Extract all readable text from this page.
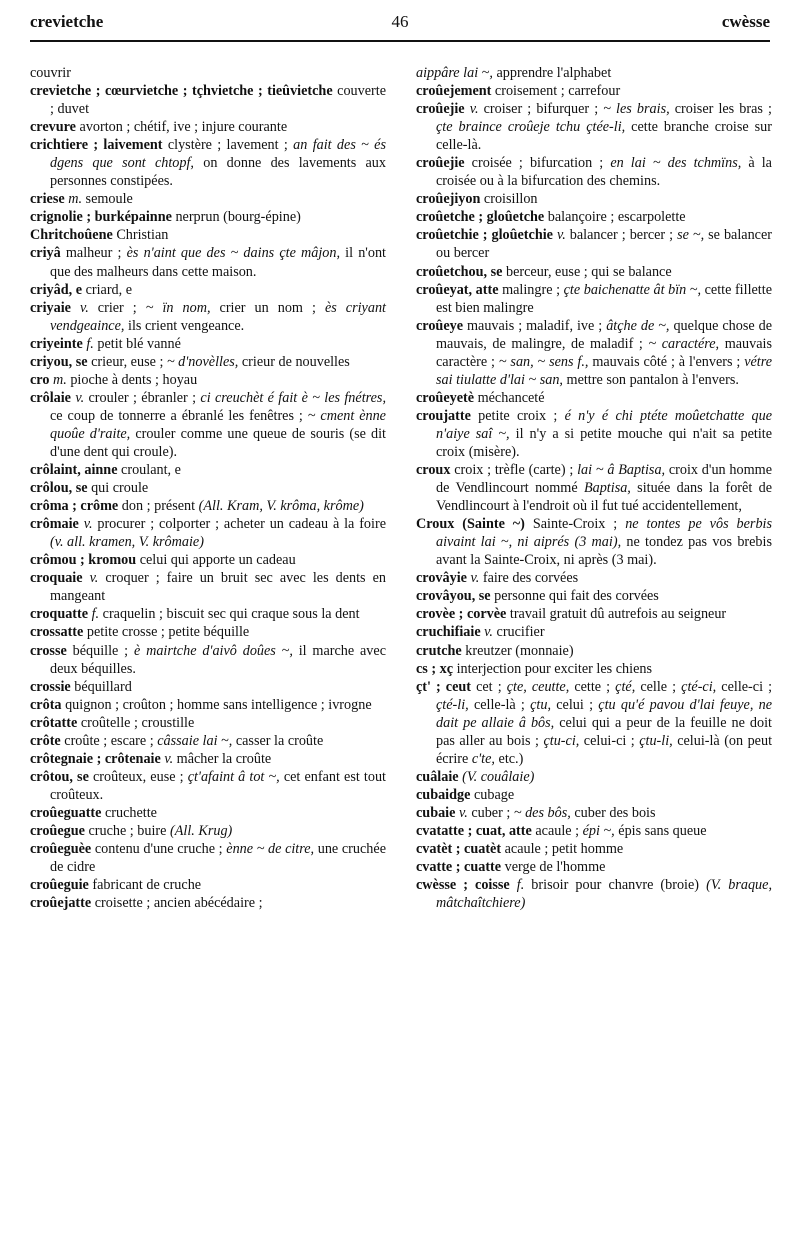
crevietche	46	cwèsse

couvrir

crevietche ; cœurvietche ; tçhvietche ; tieûvietche couverte ; duvet

crevure avorton ; chétif, ive ; injure courante

crichtiere ; laivement clystère ; lavement ; an fait des ~ és dgens que sont chtopf, on donne des lavements aux personnes constipées.

criese m. semoule

crignolie ; burképainne nerprun (bourg-épine)

Chritchoûene Christian

criyâ malheur ; ès n'aint que des ~ dains çte mâjon, il n'ont que des malheurs dans cette maison.

criyâd, e criard, e

criyaie v. crier ; ~ ïn nom, crier un nom ; ès criyant vendgeaince, ils crient vengeance.

criyeinte f. petit blé vanné

criyou, se crieur, euse ; ~ d'novèlles, crieur de nouvelles

cro m. pioche à dents ; hoyau

crôlaie v. crouler ; ébranler ; ci creuchèt é fait è ~ les fnétres, ce coup de tonnerre a ébranlé les fenêtres ; ~ cment ènne quoûe d'raite, crouler comme une queue de souris (se dit d'une dent qui croule).

crôlaint, ainne croulant, e

crôlou, se qui croule

crôma ; crôme don ; présent (All. Kram, V. krôma, krôme)

crômaie v. procurer ; colporter ; acheter un cadeau à la foire (v. all. kramen, V. krômaie)

crômou ; kromou celui qui apporte un cadeau

croquaie v. croquer ; faire un bruit sec avec les dents en mangeant

croquatte f. craquelin ; biscuit sec qui craque sous la dent

crossatte petite crosse ; petite béquille

crosse béquille ; è mairtche d'aivô doûes ~, il marche avec deux béquilles.

crossie béquillard

crôta quignon ; croûton ; homme sans intelligence ; ivrogne

crôtatte croûtelle ; croustille

crôte croûte ; escare ; câssaie lai ~, casser la croûte

crôtegnaie ; crôtenaie v. mâcher la croûte

crôtou, se croûteux, euse ; çt'afaint â tot ~, cet enfant est tout croûteux.

croûeguatte cruchette

croûegue cruche ; buire (All. Krug)

croûeguèe contenu d'une cruche ; ènne ~ de citre, une cruchée de cidre

croûeguie fabricant de cruche

croûejatte croisette ; ancien abécédaire ;

aippâre lai ~, apprendre l'alphabet

croûejement croisement ; carrefour

croûejie v. croiser ; bifurquer ; ~ les brais, croiser les bras ; çte braince croûeje tchu çtée-li, cette branche croise sur celle-là.

croûejie croisée ; bifurcation ; en lai ~ des tchmïns, à la croisée ou à la bifurcation des chemins.

croûejiyon croisillon

croûetche ; gloûetche balançoire ; escarpolette

croûetchie ; gloûetchie v. balancer ; bercer ; se ~, se balancer ou bercer

croûetchou, se berceur, euse ; qui se balance

croûeyat, atte malingre ; çte baichenatte ât bïn ~, cette fillette est bien malingre

croûeye mauvais ; maladif, ive ; âtçhe de ~, quelque chose de mauvais, de malingre, de maladif ; ~ caractére, mauvais caractère ; ~ san, ~ sens f., mauvais côté ; à l'envers ; vétre sai tiulatte d'lai ~ san, mettre son pantalon à l'envers.

croûeyetè méchanceté

croujatte petite croix ; é n'y é chi ptéte moûetchatte que n'aiye saî ~, il n'y a si petite mouche qui n'ait sa petite croix (misère).

croux croix ; trèfle (carte) ; lai ~ â Baptisa, croix d'un homme de Vendlincourt nommé Baptisa, située dans la forêt de Vendlincourt à l'endroit où il fut tué accidentellement,

Croux (Sainte ~) Sainte-Croix ; ne tontes pe vôs berbis aivaint lai ~, ni aiprés (3 mai), ne tondez pas vos brebis avant la Sainte-Croix, ni après (3 mai).

crovâyie v. faire des corvées

crovâyou, se personne qui fait des corvées

crovèe ; corvèe travail gratuit dû autrefois au seigneur

cruchifiaie v. crucifier

crutche kreutzer (monnaie)

cs ; xç interjection pour exciter les chiens

çt' ; ceut cet ; çte, ceutte, cette ; çté, celle ; çté-ci, celle-ci ; çté-li, celle-là ; çtu, celui ; çtu qu'é pavou d'lai feuye, ne dait pe allaie â bôs, celui qui a peur de la feuille ne doit pas aller au bois ; çtu-ci, celui-ci ; çtu-li, celui-là (on peut écrire c'te, etc.)

cuâlaie (V. couâlaie)

cubaidge cubage

cubaie v. cuber ; ~ des bôs, cuber des bois

cvatatte ; cuat, atte acaule ; épi ~, épis sans queue

cvatèt ; cuatèt acaule ; petit homme

cvatte ; cuatte verge de l'homme

cwèsse ; coisse f. brisoir pour chanvre (broie) (V. braque, mâtchaîtchiere)
